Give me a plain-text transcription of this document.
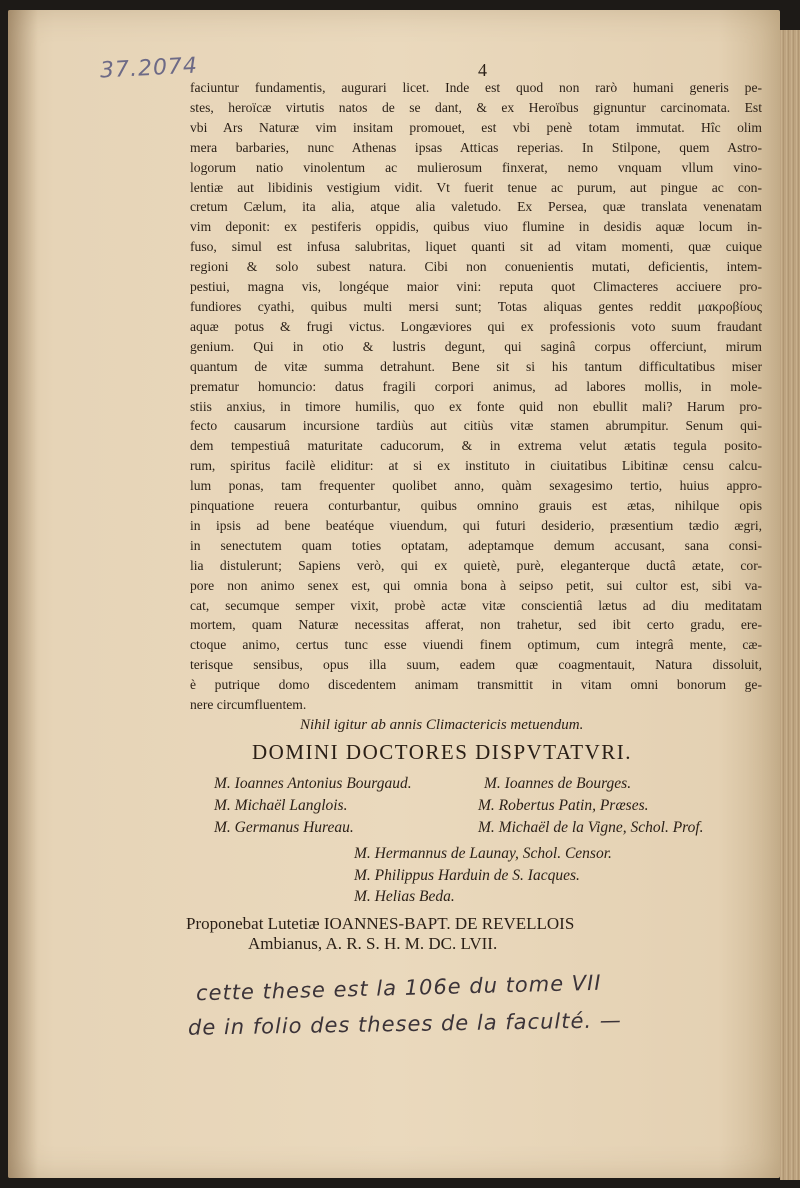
37.2074	4
faciuntur fundamentis, augurari licet. Inde est quod non rarò humani generis pe-
stes, heroïcæ virtutis natos de se dant, & ex Heroïbus gignuntur carcinomata. Est
vbi Ars Naturæ vim insitam promouet, est vbi penè totam immutat. Hîc olim
mera barbaries, nunc Athenas ipsas Atticas reperias. In Stilpone, quem Astro-
logorum natio vinolentum ac mulierosum finxerat, nemo vnquam vllum vino-
lentiæ aut libidinis vestigium vidit. Vt fuerit tenue ac purum, aut pingue ac con-
cretum Cælum, ita alia, atque alia valetudo. Ex Persea, quæ translata venenatam
vim deponit: ex pestiferis oppidis, quibus viuo flumine in desidis aquæ locum in-
fuso, simul est infusa salubritas, liquet quanti sit ad vitam momenti, quæ cuique
regioni & solo subest natura. Cibi non conuenientis mutati, deficientis, intem-
pestiui, magna vis, longéque maior vini: reputa quot Climacteres acciuere pro-
fundiores cyathi, quibus multi mersi sunt; Totas aliquas gentes reddit μακροβίους
aquæ potus & frugi victus. Longæviores qui ex professionis voto suum fraudant
genium. Qui in otio & lustris degunt, qui saginâ corpus offerciunt, mirum
quantum de vitæ summa detrahunt. Bene sit si his tantum difficultatibus miser
prematur homuncio: datus fragili corpori animus, ad labores mollis, in mole-
stiis anxius, in timore humilis, quo ex fonte quid non ebullit mali? Harum pro-
fecto causarum incursione tardiùs aut citiùs vitæ stamen abrumpitur. Senum qui-
dem tempestiuâ maturitate caducorum, & in extrema velut ætatis tegula posito-
rum, spiritus facilè eliditur: at si ex instituto in ciuitatibus Libitinæ censu calcu-
lum ponas, tam frequenter quolibet anno, quàm sexagesimo tertio, huius appro-
pinquatione reuera conturbantur, quibus omnino grauis est ætas, nihilque opis
in ipsis ad bene beatéque viuendum, qui futuri desiderio, præsentium tædio ægri,
in senectutem quam toties optatam, adeptamque demum accusant, sana consi-
lia distulerunt; Sapiens verò, qui ex quietè, purè, eleganterque ductâ ætate, cor-
pore non animo senex est, qui omnia bona à seipso petit, sui cultor est, sibi va-
cat, secumque semper vixit, probè actæ vitæ conscientiâ lætus ad diu meditatam
mortem, quam Naturæ necessitas afferat, non trahetur, sed ibit certo gradu, ere-
ctoque animo, certus tunc esse viuendi finem optimum, cum integrâ mente, cæ-
terisque sensibus, opus illa suum, eadem quæ coagmentauit, Natura dissoluit,
è putrique domo discedentem animam transmittit in vitam omni bonorum ge-
nere circumfluentem.
Nihil igitur ab annis Climactericis metuendum.
DOMINI DOCTORES DISPVTATVRI.
M. Ioannes Antonius Bourgaud.	M. Ioannes de Bourges.
M. Michaël Langlois.	M. Robertus Patin, Præses.
M. Germanus Hureau.	M. Michaël de la Vigne, Schol. Prof.
M. Hermannus de Launay, Schol. Censor.
M. Philippus Harduin de S. Iacques.
M. Helias Beda.
Proponebat Lutetiæ IOANNES-BAPT. DE REVELLOIS
Ambianus, A. R. S. H. M. DC. LVII.
cette these est la 106e du tome VII
de in folio des theses de la faculté. —
